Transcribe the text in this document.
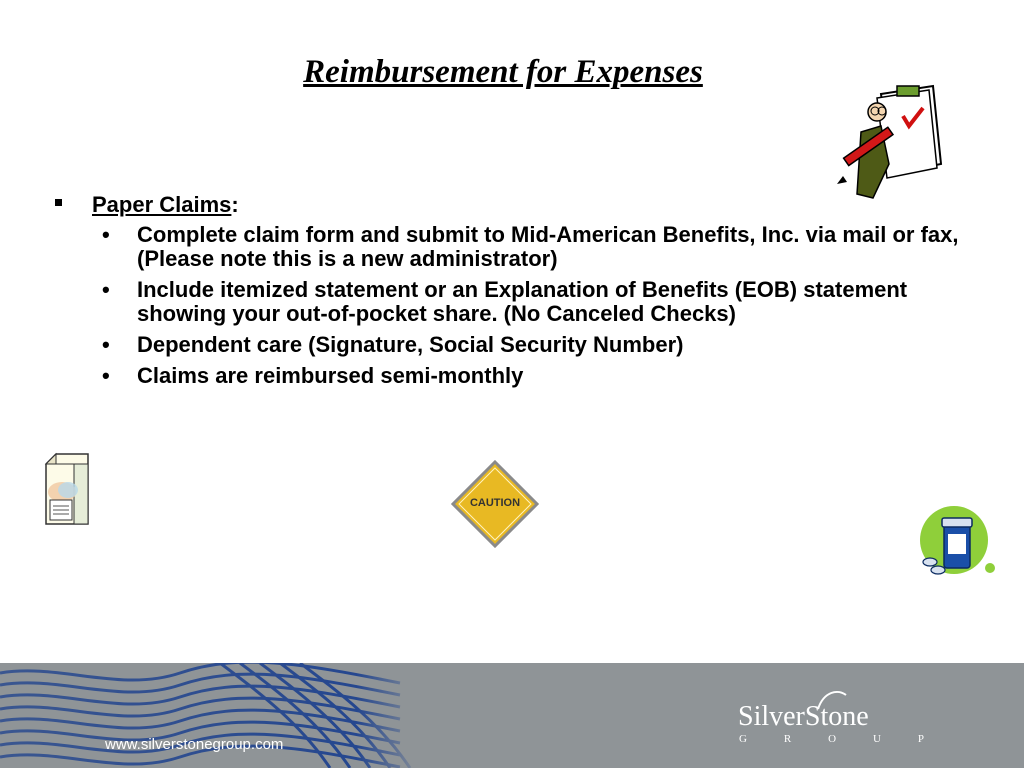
Reimbursement for Expenses
Paper Claims:
• Complete claim form and submit to Mid-American Benefits, Inc. via mail or fax, (Please note this is a new administrator)
• Include itemized statement or an Explanation of Benefits (EOB) statement showing your out-of-pocket share. (No Canceled Checks)
• Dependent care (Signature, Social Security Number)
• Claims are reimbursed semi-monthly
CAUTION
www.silverstonegroup.com
SilverStone
G	R	O	U	P
